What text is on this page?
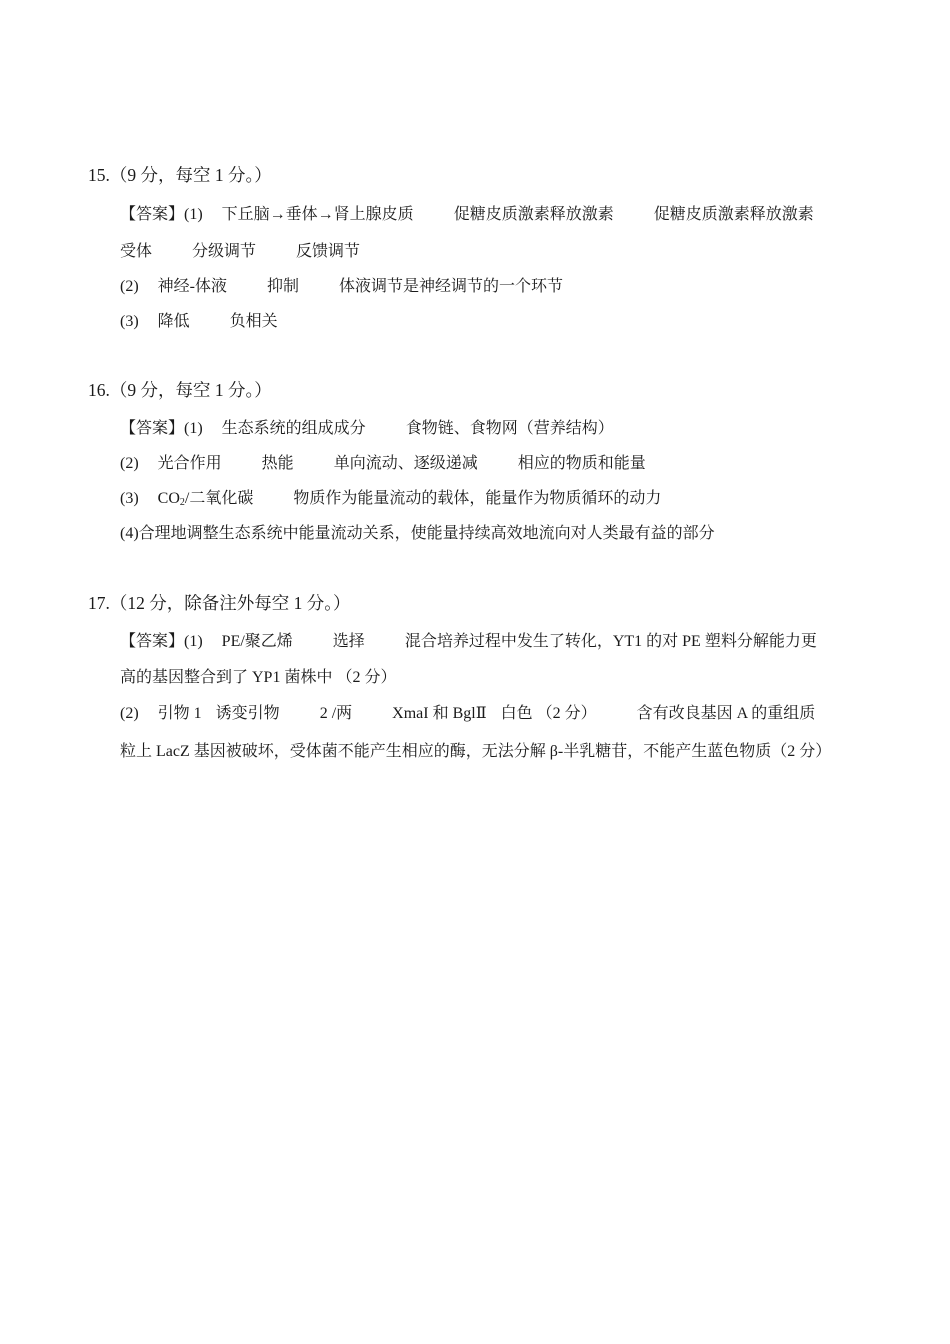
15.（9 分，每空 1 分。）
【答案】(1) 下丘脑→垂体→肾上腺皮质	促糖皮质激素释放激素	促糖皮质激素释放激素
受体	分级调节	反馈调节
(2) 神经-体液	抑制	体液调节是神经调节的一个环节
(3) 降低	负相关
16.（9 分，每空 1 分。）
【答案】(1) 生态系统的组成成分	食物链、食物网（营养结构）
(2) 光合作用	热能	单向流动、逐级递减	相应的物质和能量
(3) $CO_2/$二氧化碳	物质作为能量流动的载体，能量作为物质循环的动力
(4)合理地调整生态系统中能量流动关系，使能量持续高效地流向对人类最有益的部分
17.（12 分，除备注外每空 1 分。）
【答案】(1) PE/聚乙烯	选择	混合培养过程中发生了转化，YT1 的对 PE 塑料分解能力更
高的基因整合到了 YP1 菌株中 （2 分）
(2) 引物 1 诱变引物	2 /两	XmaI 和 BglⅡ 白色 （2 分）	含有改良基因 A 的重组质
粒上 LacZ 基因被破坏，受体菌不能产生相应的酶，无法分解 β-半乳糖苷，不能产生蓝色物质（2 分）
